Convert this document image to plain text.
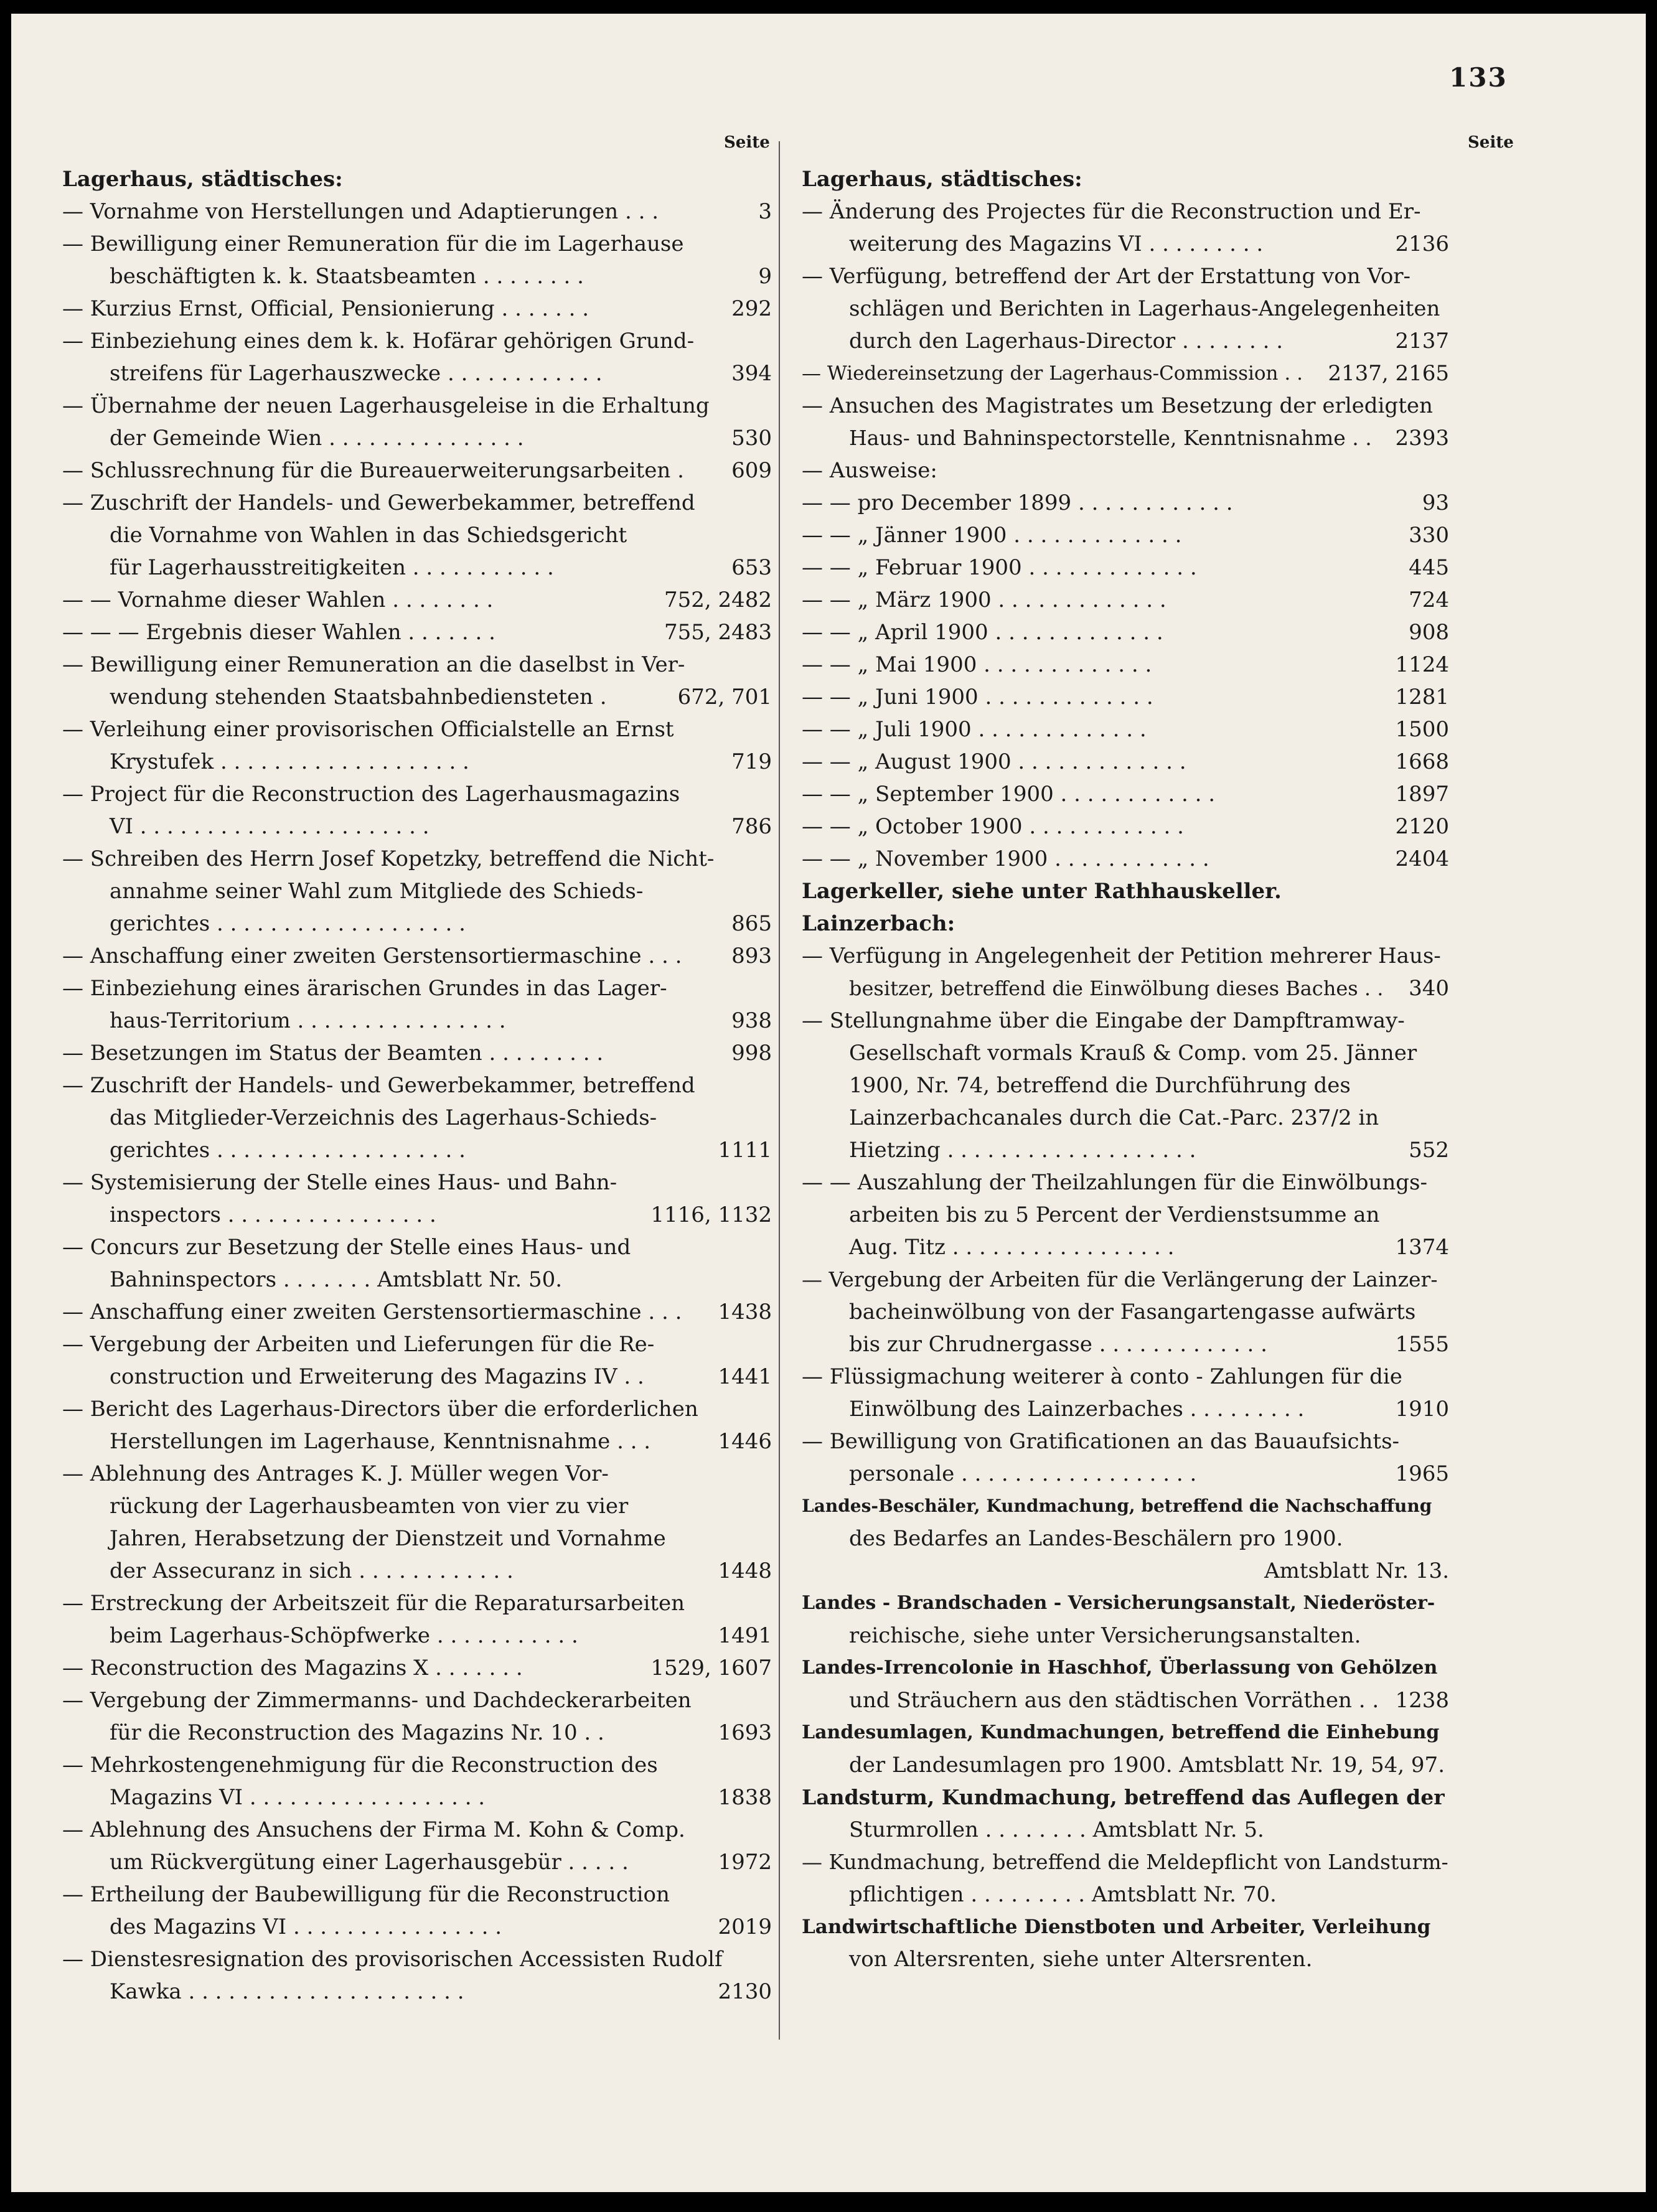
133
Seite	Seite
Lagerhaus, städtisches:
— Vornahme von Herstellungen und Adaptierungen . . .	3
— Bewilligung einer Remuneration für die im Lagerhause
beschäftigten k. k. Staatsbeamten . . . . . . . .	9
— Kurzius Ernst, Official, Pensionierung . . . . . . .	292
— Einbeziehung eines dem k. k. Hofärar gehörigen Grund-
streifens für Lagerhauszwecke . . . . . . . . . . . .	394
— Übernahme der neuen Lagerhausgeleise in die Erhaltung
der Gemeinde Wien . . . . . . . . . . . . . . .	530
— Schlussrechnung für die Bureauerweiterungsarbeiten . 609
— Zuschrift der Handels- und Gewerbekammer, betreffend
die Vornahme von Wahlen in das Schiedsgericht
für Lagerhausstreitigkeiten . . . . . . . . . . .	653
— — Vornahme dieser Wahlen . . . . . . . .	752, 2482
— — — Ergebnis dieser Wahlen . . . . . . .	755, 2483
— Bewilligung einer Remuneration an die daselbst in Ver-
wendung stehenden Staatsbahnbediensteten .	672, 701
— Verleihung einer provisorischen Officialstelle an Ernst
Krystufek . . . . . . . . . . . . . . . . . . .	719
— Project für die Reconstruction des Lagerhausmagazins
VI . . . . . . . . . . . . . . . . . . . . . .	786
— Schreiben des Herrn Josef Kopetzky, betreffend die Nicht-
annahme seiner Wahl zum Mitgliede des Schieds-
gerichtes . . . . . . . . . . . . . . . . . . .	865
— Anschaffung einer zweiten Gerstensortiermaschine . . . 893
— Einbeziehung eines ärarischen Grundes in das Lager-
haus-Territorium . . . . . . . . . . . . . . . .	938
— Besetzungen im Status der Beamten . . . . . . . . .	998
— Zuschrift der Handels- und Gewerbekammer, betreffend
das Mitglieder-Verzeichnis des Lagerhaus-Schieds-
gerichtes . . . . . . . . . . . . . . . . . . .	1111
— Systemisierung der Stelle eines Haus- und Bahn-
inspectors . . . . . . . . . . . . . . . .	1116, 1132
— Concurs zur Besetzung der Stelle eines Haus- und
Bahninspectors . . . . . . . Amtsblatt Nr. 50.
— Anschaffung einer zweiten Gerstensortiermaschine . . . 1438
— Vergebung der Arbeiten und Lieferungen für die Re-
construction und Erweiterung des Magazins IV . .	1441
— Bericht des Lagerhaus-Directors über die erforderlichen
Herstellungen im Lagerhause, Kenntnisnahme . . .	1446
— Ablehnung des Antrages K. J. Müller wegen Vor-
rückung der Lagerhausbeamten von vier zu vier
Jahren, Herabsetzung der Dienstzeit und Vornahme
der Assecuranz in sich . . . . . . . . . . . .	1448
— Erstreckung der Arbeitszeit für die Reparatursarbeiten
beim Lagerhaus-Schöpfwerke . . . . . . . . . . .	1491
— Reconstruction des Magazins X . . . . . . .	1529, 1607
— Vergebung der Zimmermanns- und Dachdeckerarbeiten
für die Reconstruction des Magazins Nr. 10 . .	1693
— Mehrkostengenehmigung für die Reconstruction des
Magazins VI . . . . . . . . . . . . . . . . . .	1838
— Ablehnung des Ansuchens der Firma M. Kohn & Comp.
um Rückvergütung einer Lagerhausgebür . . . . .	1972
— Ertheilung der Baubewilligung für die Reconstruction
des Magazins VI . . . . . . . . . . . . . . . .	2019
— Dienstesresignation des provisorischen Accessisten Rudolf
Kawka . . . . . . . . . . . . . . . . . . . . .	2130
Lagerhaus, städtisches:
— Änderung des Projectes für die Reconstruction und Er-
weiterung des Magazins VI . . . . . . . . .	2136
— Verfügung, betreffend der Art der Erstattung von Vor-
schlägen und Berichten in Lagerhaus-Angelegenheiten
durch den Lagerhaus-Director . . . . . . . .	2137
— Wiedereinsetzung der Lagerhaus-Commission . . 2137, 2165
— Ansuchen des Magistrates um Besetzung der erledigten
Haus- und Bahninspectorstelle, Kenntnisnahme . . 2393
— Ausweise:
— — pro December 1899 . . . . . . . . . . . .	93
— — „ Jänner 1900 . . . . . . . . . . . . .	330
— — „ Februar 1900 . . . . . . . . . . . . .	445
— — „ März 1900 . . . . . . . . . . . . .	724
— — „ April 1900 . . . . . . . . . . . . .	908
— — „ Mai 1900 . . . . . . . . . . . . .	1124
— — „ Juni 1900 . . . . . . . . . . . . .	1281
— — „ Juli 1900 . . . . . . . . . . . . .	1500
— — „ August 1900 . . . . . . . . . . . . .	1668
— — „ September 1900 . . . . . . . . . . . .	1897
— — „ October 1900 . . . . . . . . . . . .	2120
— — „ November 1900 . . . . . . . . . . . .	2404
Lagerkeller, siehe unter Rathhauskeller.
Lainzerbach:
— Verfügung in Angelegenheit der Petition mehrerer Haus-
besitzer, betreffend die Einwölbung dieses Baches . . 340
— Stellungnahme über die Eingabe der Dampftramway-
Gesellschaft vormals Krauß & Comp. vom 25. Jänner
1900, Nr. 74, betreffend die Durchführung des
Lainzerbachcanales durch die Cat.-Parc. 237/2 in
Hietzing . . . . . . . . . . . . . . . . . . .	552
— — Auszahlung der Theilzahlungen für die Einwölbungs-
arbeiten bis zu 5 Percent der Verdienstsumme an
Aug. Titz . . . . . . . . . . . . . . . . .	1374
— Vergebung der Arbeiten für die Verlängerung der Lainzer-
bacheinwölbung von der Fasangartengasse aufwärts
bis zur Chrudnergasse . . . . . . . . . . . . .	1555
— Flüssigmachung weiterer à conto - Zahlungen für die
Einwölbung des Lainzerbaches . . . . . . . . .	1910
— Bewilligung von Gratificationen an das Bauaufsichts-
personale . . . . . . . . . . . . . . . . . .	1965
Landes-Beschäler, Kundmachung, betreffend die Nachschaffung
des Bedarfes an Landes-Beschälern pro 1900.
Amtsblatt Nr. 13.
Landes - Brandschaden - Versicherungsanstalt, Niederöster-
reichische, siehe unter Versicherungsanstalten.
Landes-Irrencolonie in Haschhof, Überlassung von Gehölzen
und Sträuchern aus den städtischen Vorräthen . . 1238
Landesumlagen, Kundmachungen, betreffend die Einhebung
der Landesumlagen pro 1900. Amtsblatt Nr. 19, 54, 97.
Landsturm, Kundmachung, betreffend das Auflegen der
Sturmrollen . . . . . . . . Amtsblatt Nr. 5.
— Kundmachung, betreffend die Meldepflicht von Landsturm-
pflichtigen . . . . . . . . . Amtsblatt Nr. 70.
Landwirtschaftliche Dienstboten und Arbeiter, Verleihung
von Altersrenten, siehe unter Altersrenten.
